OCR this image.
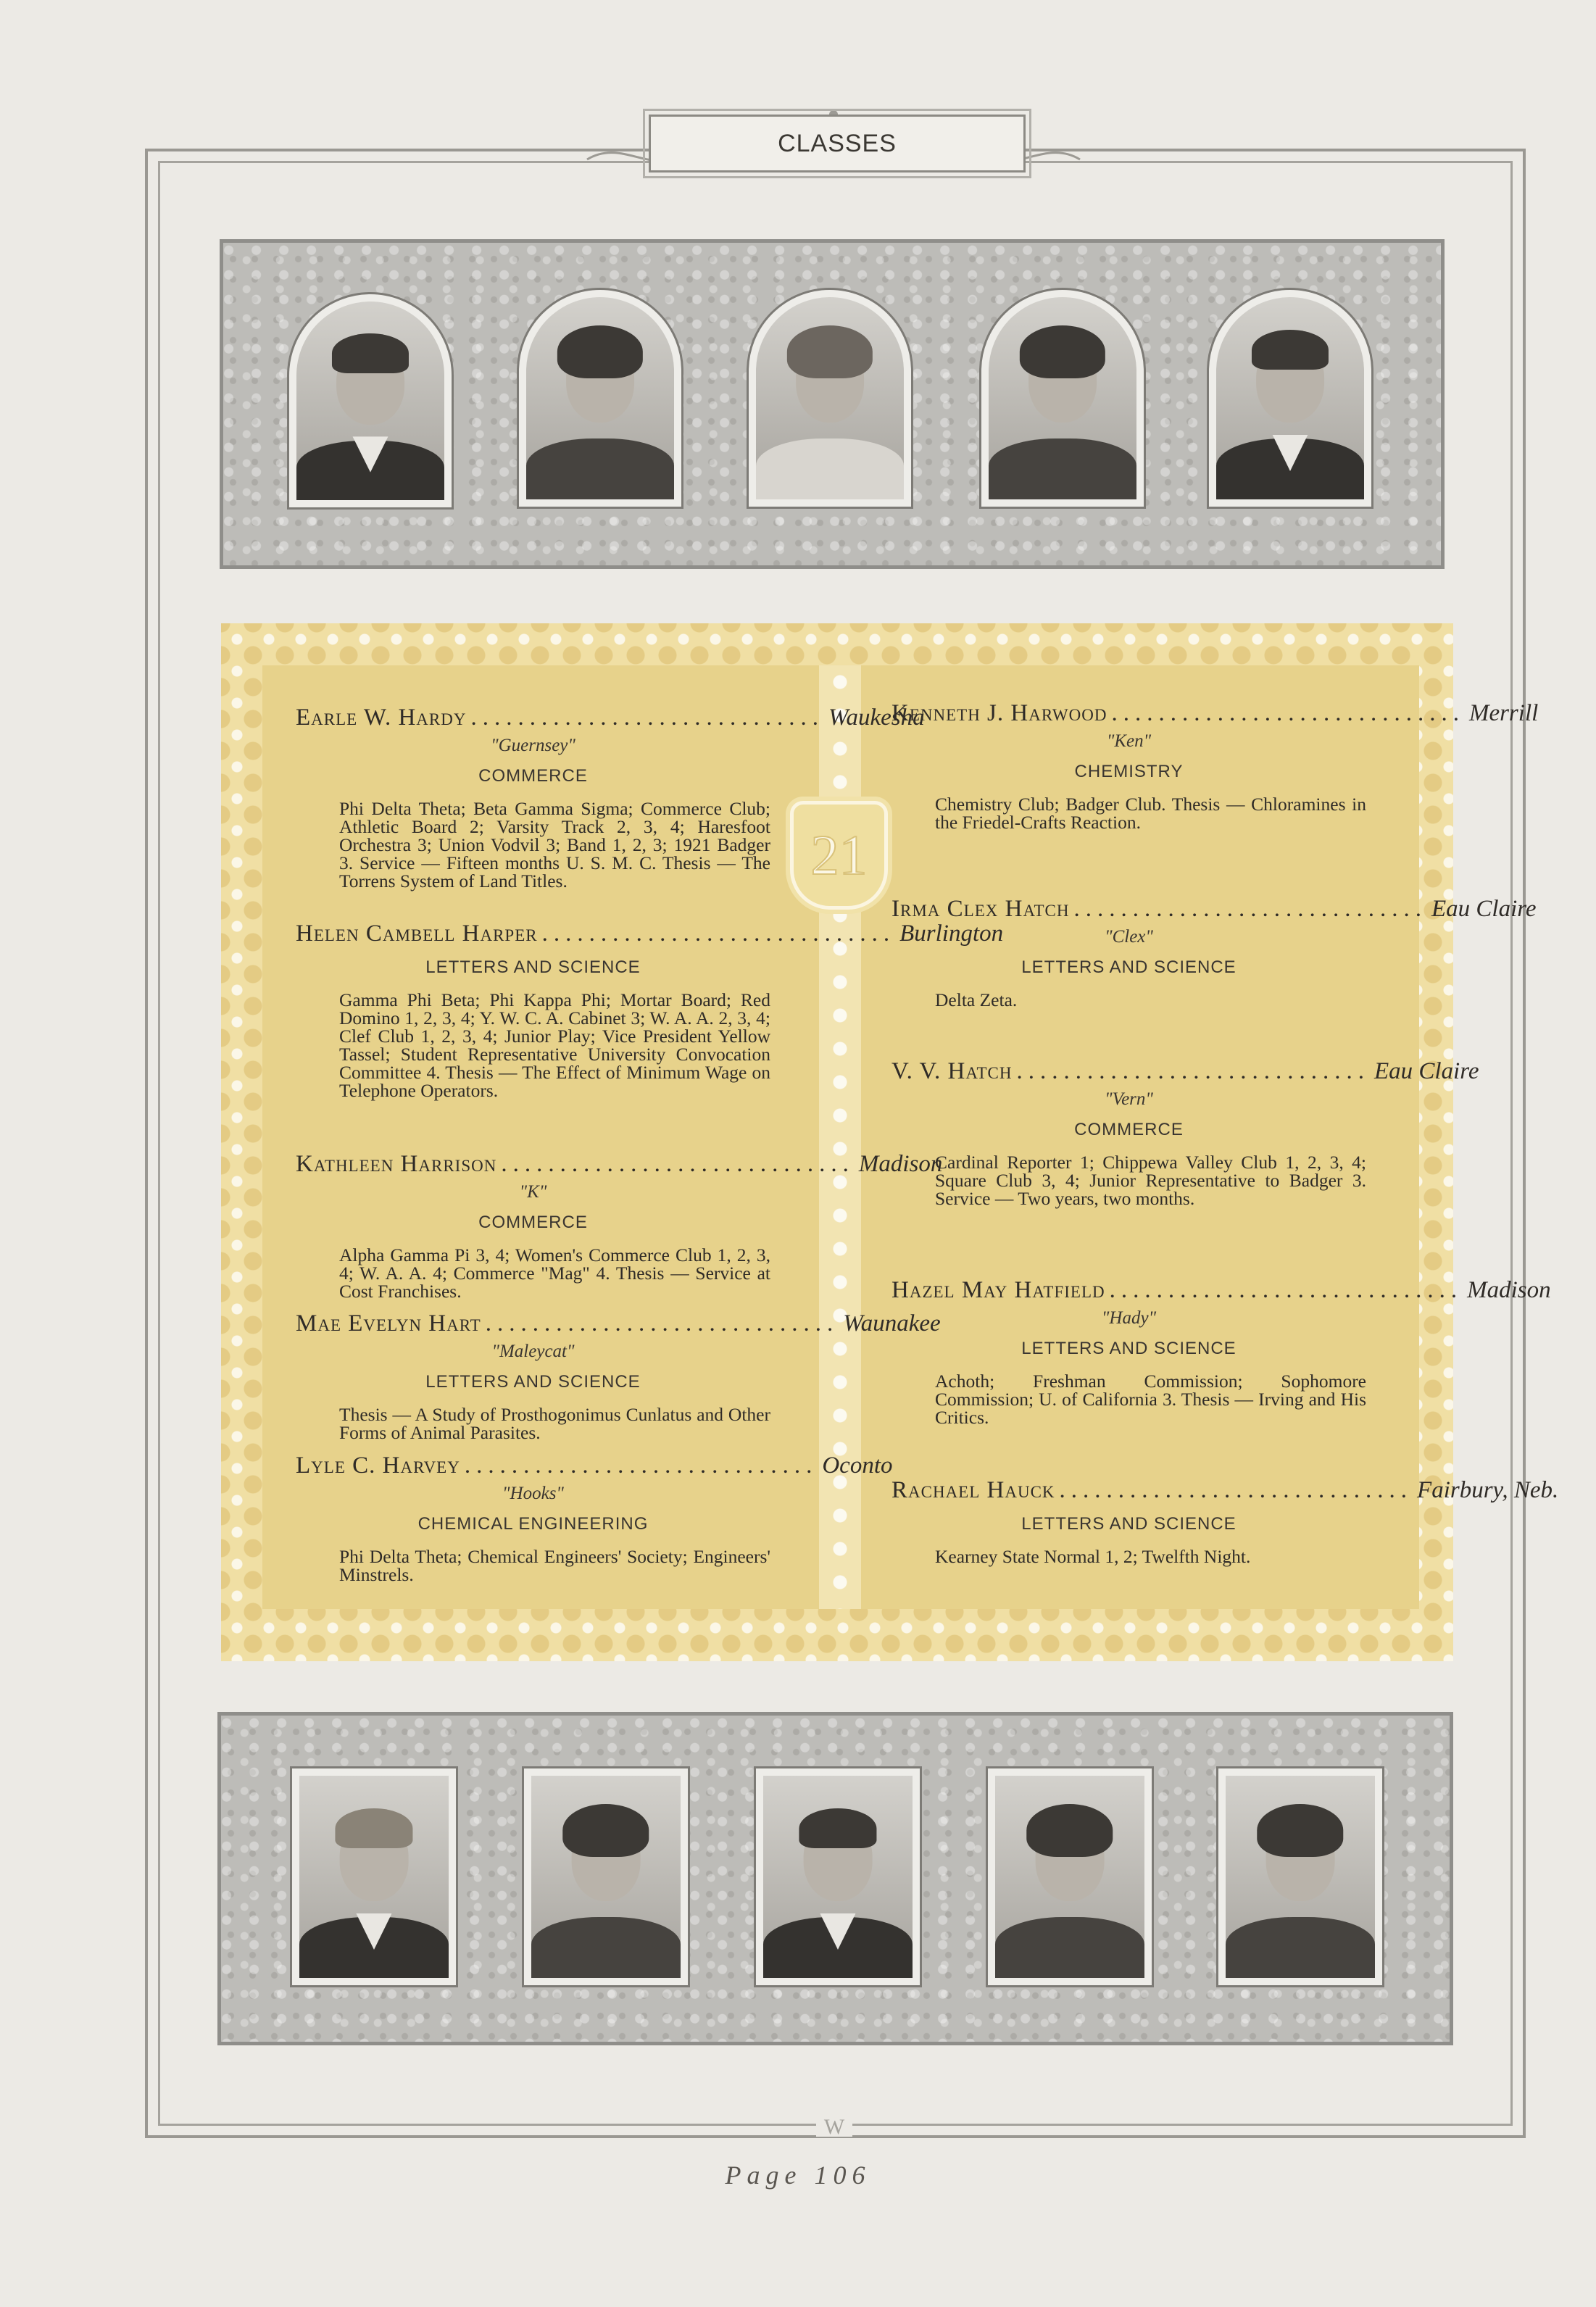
CLASSES
21
Earle W. Hardy .............................. Waukesha
"Guernsey"
COMMERCE
Phi Delta Theta; Beta Gamma Sigma; Commerce Club; Athletic Board 2; Varsity Track 2, 3, 4; Haresfoot Orchestra 3; Union Vodvil 3; Band 1, 2, 3; 1921 Badger 3. Service — Fifteen months U. S. M. C. Thesis — The Torrens System of Land Titles.
Helen Cambell Harper .............................. Burlington
LETTERS AND SCIENCE
Gamma Phi Beta; Phi Kappa Phi; Mortar Board; Red Domino 1, 2, 3, 4; Y. W. C. A. Cabinet 3; W. A. A. 2, 3, 4; Clef Club 1, 2, 3, 4; Junior Play; Vice President Yellow Tassel; Student Representative University Convocation Committee 4. Thesis — The Effect of Minimum Wage on Telephone Operators.
Kathleen Harrison .............................. Madison
"K"
COMMERCE
Alpha Gamma Pi 3, 4; Women's Commerce Club 1, 2, 3, 4; W. A. A. 4; Commerce "Mag" 4. Thesis — Service at Cost Franchises.
Mae Evelyn Hart .............................. Waunakee
"Maleycat"
LETTERS AND SCIENCE
Thesis — A Study of Prosthogonimus Cunlatus and Other Forms of Animal Parasites.
Lyle C. Harvey .............................. Oconto
"Hooks"
CHEMICAL ENGINEERING
Phi Delta Theta; Chemical Engineers' Society; Engineers' Minstrels.
Kenneth J. Harwood .............................. Merrill
"Ken"
CHEMISTRY
Chemistry Club; Badger Club. Thesis — Chloramines in the Friedel-Crafts Reaction.
Irma Clex Hatch .............................. Eau Claire
"Clex"
LETTERS AND SCIENCE
Delta Zeta.
V. V. Hatch .............................. Eau Claire
"Vern"
COMMERCE
Cardinal Reporter 1; Chippewa Valley Club 1, 2, 3, 4; Square Club 3, 4; Junior Representative to Badger 3. Service — Two years, two months.
Hazel May Hatfield .............................. Madison
"Hady"
LETTERS AND SCIENCE
Achoth; Freshman Commission; Sophomore Commission; U. of California 3. Thesis — Irving and His Critics.
Rachael Hauck .............................. Fairbury, Neb.
LETTERS AND SCIENCE
Kearney State Normal 1, 2; Twelfth Night.
W
Page 106
